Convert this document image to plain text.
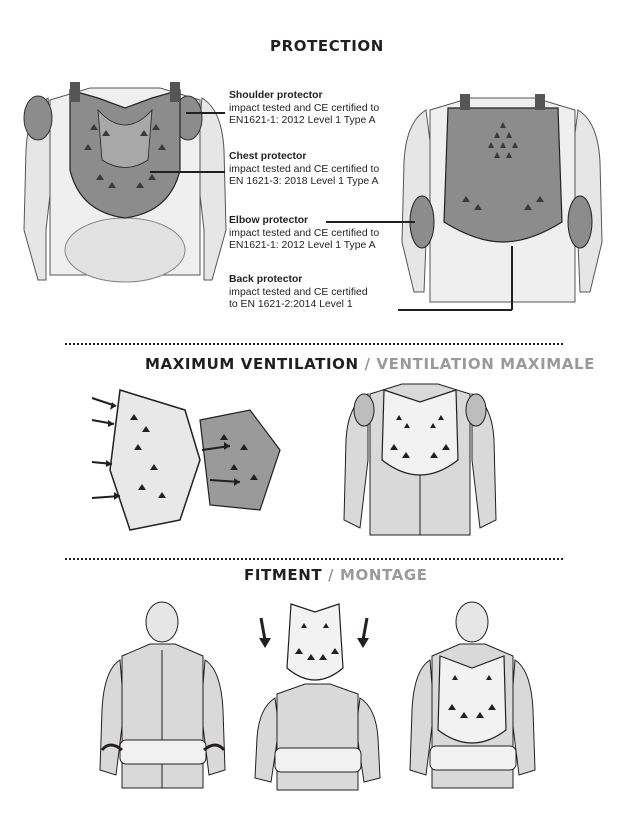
PROTECTION
Shoulder protector
impact tested and CE certified to
EN1621-1: 2012 Level 1 Type A
Chest protector
impact tested and CE certified to
EN 1621-3: 2018 Level 1 Type A
Elbow protector
impact tested and CE certified to
EN1621-1: 2012 Level 1 Type A
Back protector
impact tested and CE certified
to EN 1621-2:2014 Level 1
MAXIMUM VENTILATION / VENTILATION MAXIMALE
FITMENT / MONTAGE
